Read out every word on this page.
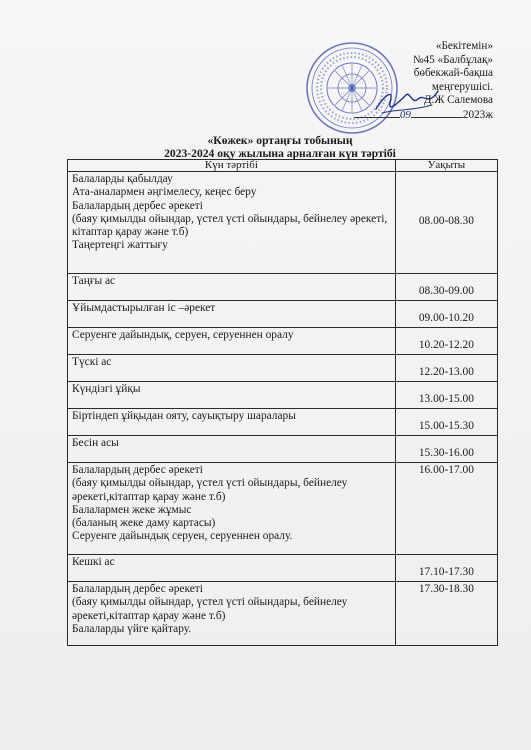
«Бекітемін»
№45 «Балбұлақ»
бөбекжай-бақша
меңгерушісі.
Д.Ж Салемова
09	2023ж
«Көжек» ортаңғы тобының
2023-2024 оқу жылына арналған күн тәртібі
Күн тәртібі	Уақыты

Балаларды қабылдау
Ата-аналармен әңгімелесу, кеңес беру
Балалардың дербес әрекеті
(баяу қимылды ойындар, үстел үсті ойындары, бейнелеу әрекеті, кітаптар қарау және т.б)
Таңертеңгі жаттығу	08.00-08.30

Таңғы ас	08.30-09.00

Ұйымдастырылған іс –әрекет	09.00-10.20

Серуенге дайындық, серуен, серуеннен оралу	10.20-12.20

Түскі ас	12.20-13.00

Күндізгі ұйқы	13.00-15.00

Біртіндеп ұйқыдан ояту, сауықтыру шаралары	15.00-15.30

Бесін асы	15.30-16.00

Балалардың дербес әрекеті
(баяу қимылды ойындар, үстел үсті ойындары, бейнелеу әрекеті,кітаптар қарау және т.б)
Балалармен жеке жұмыс
(баланың жеке даму картасы)
Серуенге дайындық серуен, серуеннен оралу.	16.00-17.00

Кешкі ас	17.10-17.30

Балалардың дербес әрекеті
(баяу қимылды ойындар, үстел үсті ойындары, бейнелеу әрекеті,кітаптар қарау және т.б)
Балаларды үйге қайтару.	17.30-18.30
